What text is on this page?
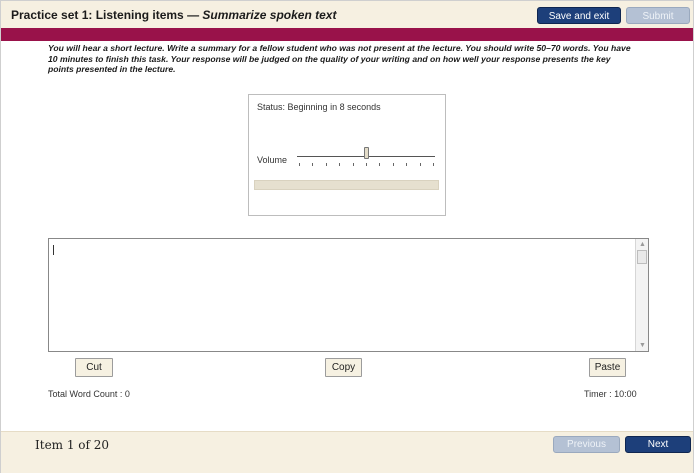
Practice set 1: Listening items — Summarize spoken text	Save and exit	Submit
You will hear a short lecture. Write a summary for a fellow student who was not present at the lecture. You should write 50–70 words. You have 10 minutes to finish this task. Your response will be judged on the quality of your writing and on how well your response presents the key points presented in the lecture.
Status: Beginning in 8 seconds
Volume
▲
▼
Cut	Copy	Paste
Total Word Count : 0	Timer : 10:00
Item 1 of 20	Previous	Next
